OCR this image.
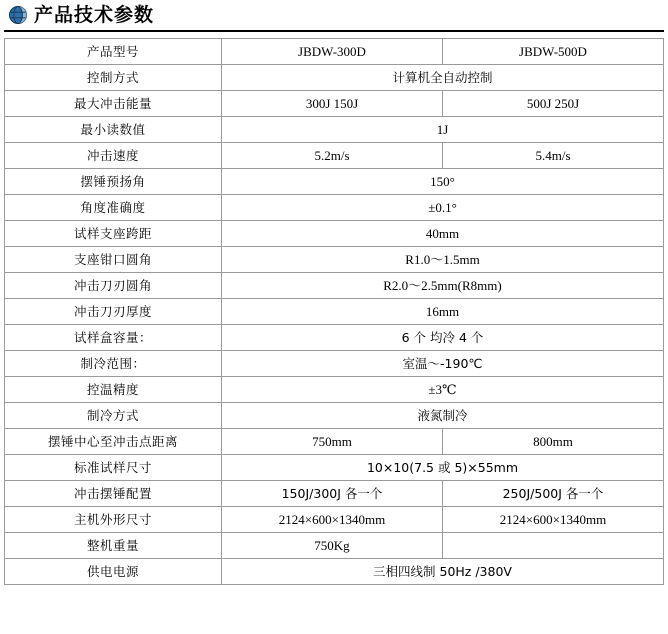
产品技术参数
产品型号	JBDW-300D	JBDW-500D
控制方式	计算机全自动控制	
最大冲击能量	300J 150J	500J 250J
最小读数值	1J	
冲击速度	5.2m/s	5.4m/s
摆锤预扬角	150°	
角度准确度	±0.1°	
试样支座跨距	40mm	
支座钳口圆角	R1.0～1.5mm	
冲击刀刃圆角	R2.0～2.5mm(R8mm)	
冲击刀刃厚度	16mm	
试样盒容量：	6 个 均冷 4 个	
制冷范围：	室温～-190℃	
控温精度	±3℃	
制冷方式	液氮制冷	
摆锤中心至冲击点距离	750mm	800mm
标准试样尺寸	10×10(7.5 或 5)×55mm	
冲击摆锤配置	150J/300J 各一个	250J/500J 各一个
主机外形尺寸	2124×600×1340mm	2124×600×1340mm
整机重量	750Kg	
供电电源	三相四线制 50Hz /380V	
